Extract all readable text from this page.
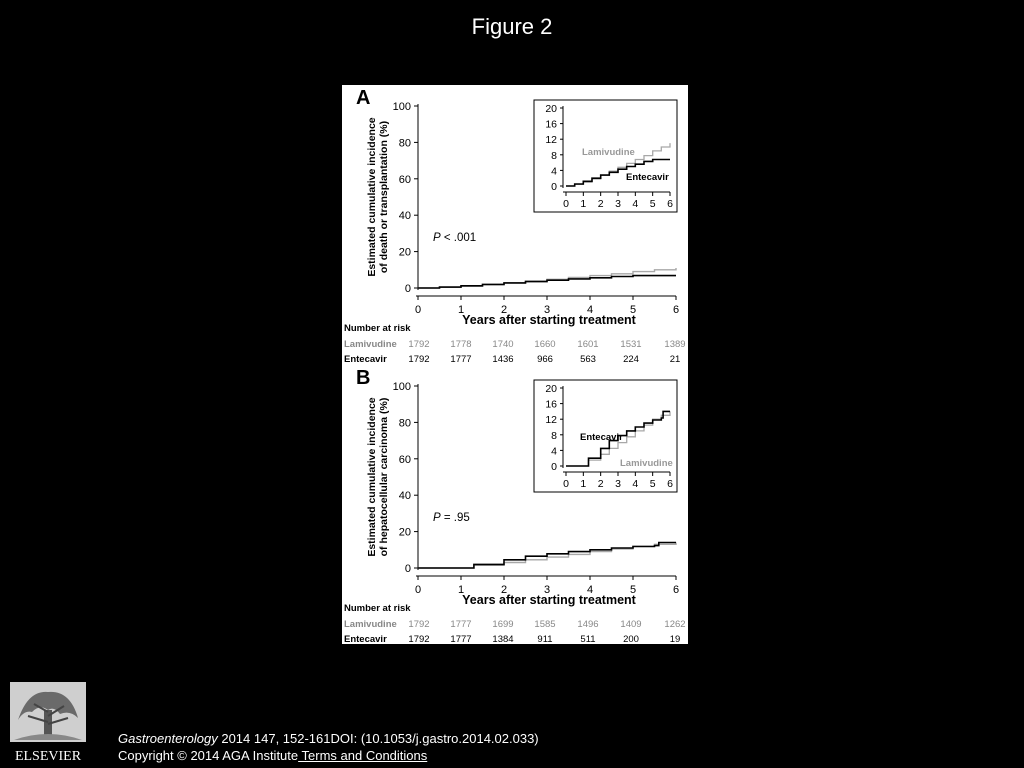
Figure 2
A
Estimated cumulative incidence of death or transplantation (%)
0
20
40
60
80
100
0	1	2	3	4	5	6
Years after starting treatment
P < .001
0
4
8
12
16
20
0 1 2 3 4 5 6
Lamivudine
Entecavir
Number at risk
Lamivudine
Entecavir
1792 1778 1740 1660 1601 1531 1389
1792 1777 1436 966	563	224	21
B
Estimated cumulative incidence of hepatocellular carcinoma (%)
0
20
40
60
80
100
0	1	2	3	4	5	6
Years after starting treatment
P = .95
0
4
8
12
16
20
0 1 2 3 4 5 6
Entecavir
Lamivudine
Number at risk
Lamivudine
Entecavir
1792 1777 1699 1585 1496 1409 1262
1792 1777 1384	911	511	200	19
ELSEVIER
Gastroenterology 2014 147, 152-161DOI: (10.1053/j.gastro.2014.02.033)
Copyright © 2014 AGA Institute Terms and Conditions
